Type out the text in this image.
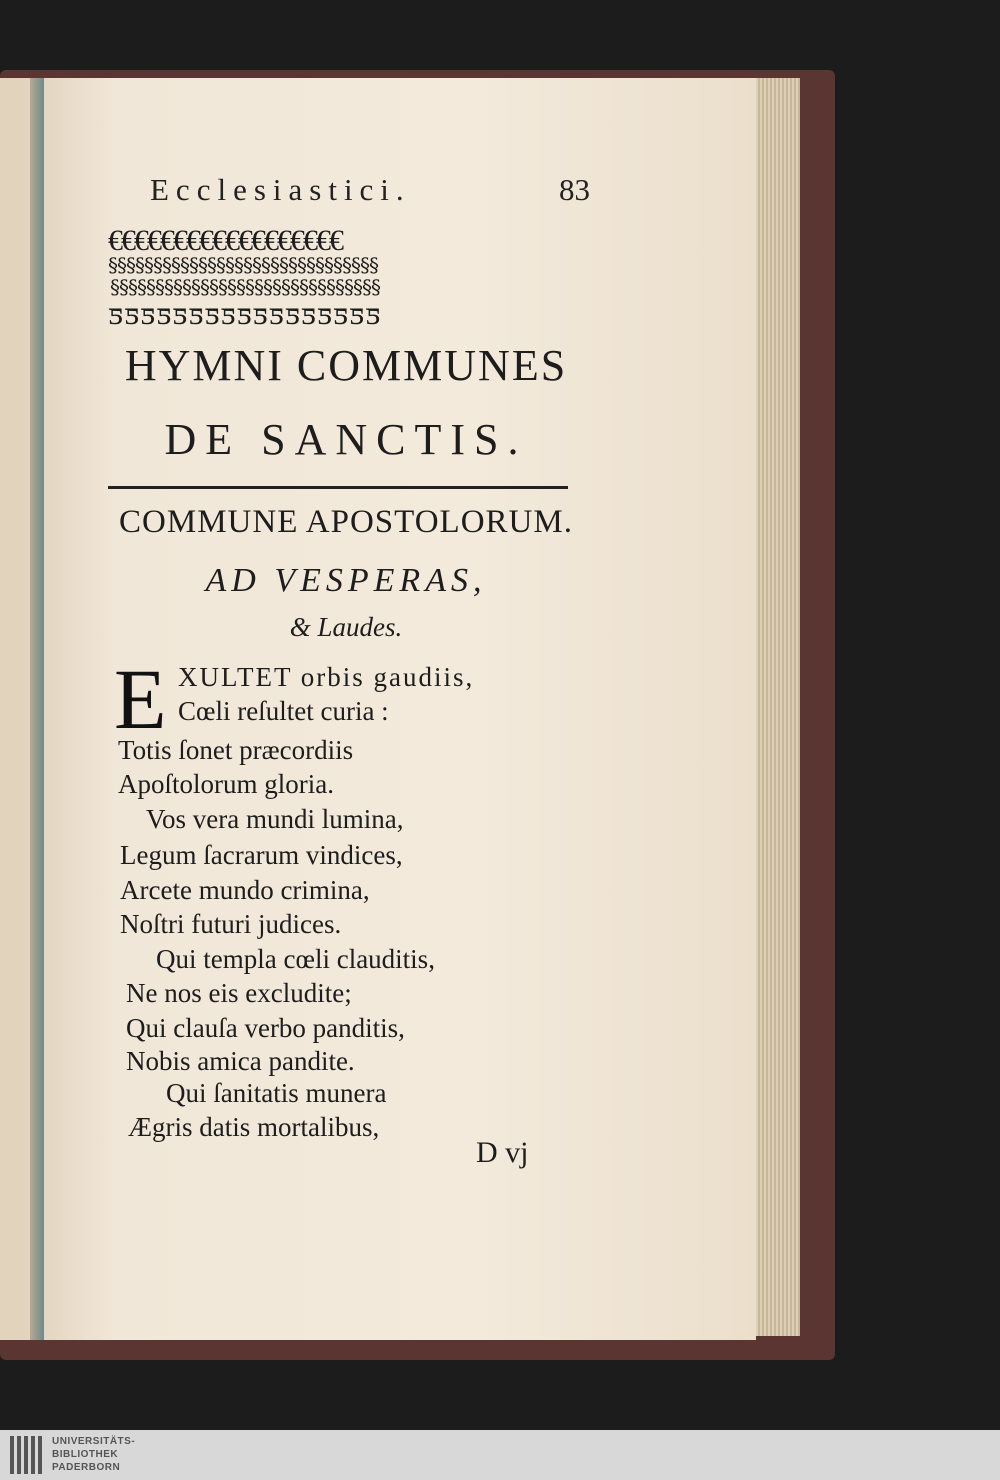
Ecclesiastici.	83
€€€€€€€€€€€€€€€€€€
§§§§§§§§§§§§§§§§§§§§§§§§§§§§§§
§§§§§§§§§§§§§§§§§§§§§§§§§§§§§§
ƽƽƽƽƽƽƽƽƽƽƽƽƽƽƽƽƽ
HYMNI COMMUNES
DE SANCTIS.
COMMUNE APOSTOLORUM.
AD VESPERAS,
& Laudes.
E XULTET orbis gaudiis,
Cœli reſultet curia :
Totis ſonet præcordiis
Apoſtolorum gloria.
Vos vera mundi lumina,
Legum ſacrarum vindices,
Arcete mundo crimina,
Noſtri futuri judices.
Qui templa cœli clauditis,
Ne nos eis excludite;
Qui clauſa verbo panditis,
Nobis amica pandite.
Qui ſanitatis munera
Ægris datis mortalibus,
D vj
UNIVERSITÄTS-
BIBLIOTHEK
PADERBORN
